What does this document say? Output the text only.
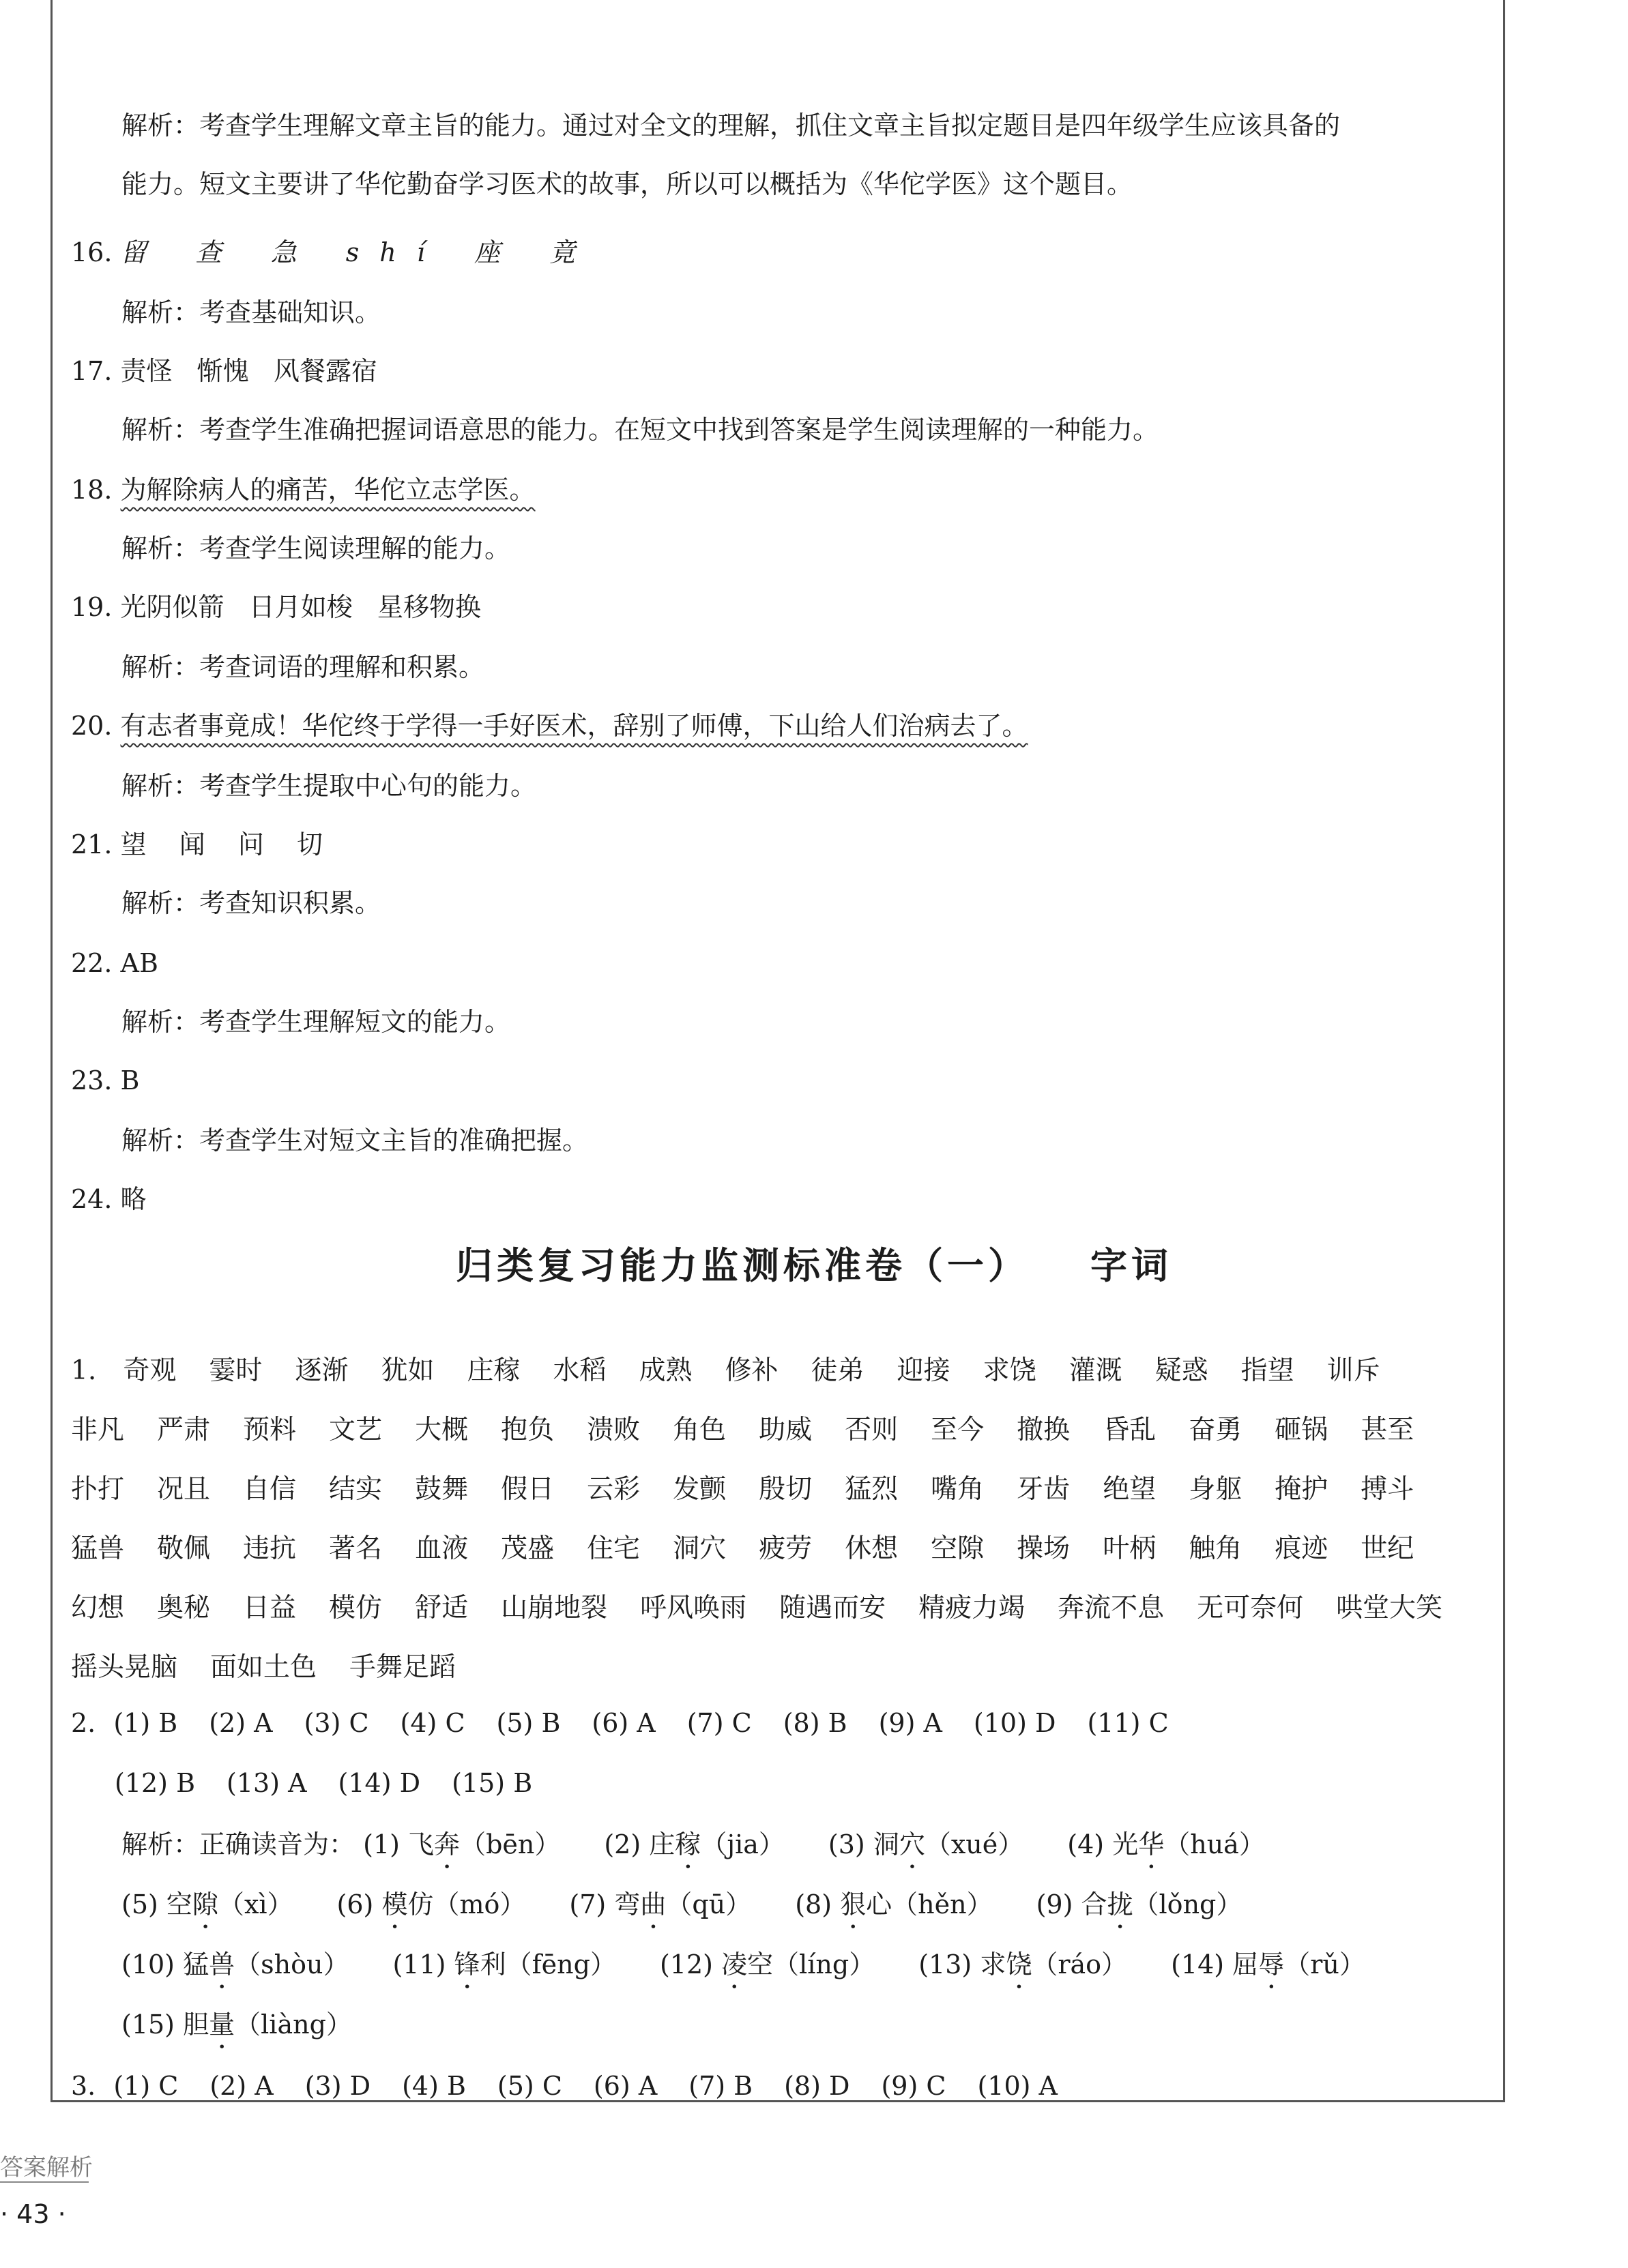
解析：考查学生理解文章主旨的能力。通过对全文的理解，抓住文章主旨拟定题目是四年级学生应该具备的
能力。短文主要讲了华佗勤奋学习医术的故事，所以可以概括为《华佗学医》这个题目。
16. 留 查 急 shí 座 竟
解析：考查基础知识。
17. 责怪   惭愧   风餐露宿
解析：考查学生准确把握词语意思的能力。在短文中找到答案是学生阅读理解的一种能力。
18. 为解除病人的痛苦，华佗立志学医。
解析：考查学生阅读理解的能力。
19. 光阴似箭   日月如梭   星移物换
解析：考查词语的理解和积累。
20. 有志者事竟成！华佗终于学得一手好医术，辞别了师傅，下山给人们治病去了。
解析：考查学生提取中心句的能力。
21. 望  闻  问  切
解析：考查知识积累。
22. AB
解析：考查学生理解短文的能力。
23. B
解析：考查学生对短文主旨的准确把握。
24. 略
归类复习能力监测标准卷（一） 字词
1. 奇观 霎时 逐渐 犹如 庄稼 水稻 成熟 修补 徒弟 迎接 求饶 灌溉 疑惑 指望 训斥非凡 严肃 预料 文艺 大概 抱负 溃败 角色 助威 否则 至今 撤换 昏乱 奋勇 砸锅 甚至扑打 况且 自信 结实 鼓舞 假日 云彩 发颤 殷切 猛烈 嘴角 牙齿 绝望 身躯 掩护 搏斗猛兽 敬佩 违抗 著名 血液 茂盛 住宅 洞穴 疲劳 休想 空隙 操场 叶柄 触角 痕迹 世纪幻想 奥秘 日益 模仿 舒适 山崩地裂 呼风唤雨 随遇而安 精疲力竭 奔流不息 无可奈何 哄堂大笑摇头晃脑 面如土色 手舞足蹈
2. (1) B (2) A (3) C (4) C (5) B (6) A (7) C (8) B (9) A (10) D (11) C
(12) B (13) A (14) D (15) B
解析：正确读音为： (1) 飞奔（bēn） (2) 庄稼（jia） (3) 洞穴（xué） (4) 光华（huá）(5) 空隙（xì） (6) 模仿（mó） (7) 弯曲（qū） (8) 狠心（hěn） (9) 合拢（lǒng）(10) 猛兽（shòu） (11) 锋利（fēng） (12) 凌空（líng） (13) 求饶（ráo） (14) 屈辱（rǔ）(15) 胆量（liàng）
3. (1) C (2) A (3) D (4) B (5) C (6) A (7) B (8) D (9) C (10) A
答案解析
· 43 ·
